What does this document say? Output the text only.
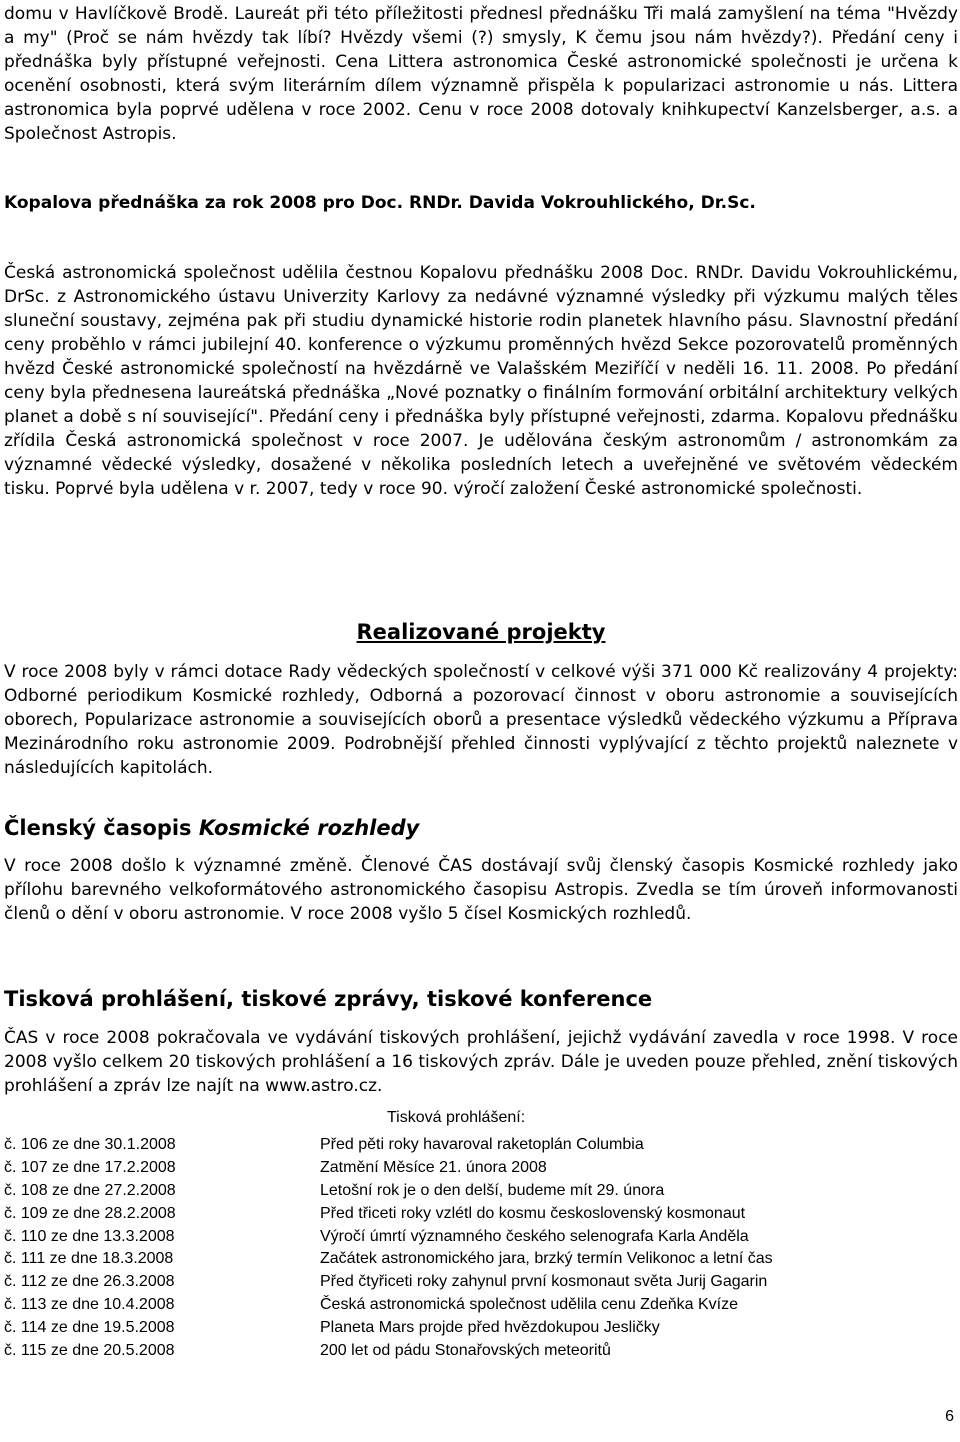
domu v Havlíčkově Brodě. Laureát při této příležitosti přednesl přednášku Tři malá zamyšlení na téma "Hvězdy a my" (Proč se nám hvězdy tak líbí? Hvězdy všemi (?) smysly, K čemu jsou nám hvězdy?). Předání ceny i přednáška byly přístupné veřejnosti. Cena Littera astronomica České astronomické společnosti je určena k ocenění osobnosti, která svým literárním dílem významně přispěla k popularizaci astronomie u nás. Littera astronomica byla poprvé udělena v roce 2002. Cenu v roce 2008 dotovaly knihkupectví Kanzelsberger, a.s. a Společnost Astropis.

Kopalova přednáška za rok 2008 pro Doc. RNDr. Davida Vokrouhlického, Dr.Sc.

Česká astronomická společnost udělila čestnou Kopalovu přednášku 2008 Doc. RNDr. Davidu Vokrouhlickému, DrSc. z Astronomického ústavu Univerzity Karlovy za nedávné významné výsledky při výzkumu malých těles sluneční soustavy, zejména pak při studiu dynamické historie rodin planetek hlavního pásu. Slavnostní předání ceny proběhlo v rámci jubilejní 40. konference o výzkumu proměnných hvězd Sekce pozorovatelů proměnných hvězd České astronomické společností na hvězdárně ve Valašském Meziříčí v neděli 16. 11. 2008. Po předání ceny byla přednesena laureátská přednáška „Nové poznatky o finálním formování orbitální architektury velkých planet a době s ní související". Předání ceny i přednáška byly přístupné veřejnosti, zdarma. Kopalovu přednášku zřídila Česká astronomická společnost v roce 2007. Je udělována českým astronomům / astronomkám za významné vědecké výsledky, dosažené v několika posledních letech a uveřejněné ve světovém vědeckém tisku. Poprvé byla udělena v r. 2007, tedy v roce 90. výročí založení České astronomické společnosti.

Realizované projekty

V roce 2008 byly v rámci dotace Rady vědeckých společností v celkové výši 371 000 Kč realizovány 4 projekty: Odborné periodikum Kosmické rozhledy, Odborná a pozorovací činnost v oboru astronomie a souvisejících oborech, Popularizace astronomie a souvisejících oborů a presentace výsledků vědeckého výzkumu a Příprava Mezinárodního roku astronomie 2009. Podrobnější přehled činnosti vyplývající z těchto projektů naleznete v následujících kapitolách.

Členský časopis Kosmické rozhledy

V roce 2008 došlo k významné změně. Členové ČAS dostávají svůj členský časopis Kosmické rozhledy jako přílohu barevného velkoformátového astronomického časopisu Astropis. Zvedla se tím úroveň informovanosti členů o dění v oboru astronomie. V roce 2008 vyšlo 5 čísel Kosmických rozhledů.

Tisková prohlášení, tiskové zprávy, tiskové konference

ČAS v roce 2008 pokračovala ve vydávání tiskových prohlášení, jejichž vydávání zavedla v roce 1998. V roce 2008 vyšlo celkem 20 tiskových prohlášení a 16 tiskových zpráv. Dále je uveden pouze přehled, znění tiskových prohlášení a zpráv lze najít na www.astro.cz.

Tisková prohlášení:

č. 106 ze dne 30.1.2008	Před pěti roky havaroval raketoplán Columbia
č. 107 ze dne 17.2.2008	Zatmění Měsíce 21. února 2008
č. 108 ze dne 27.2.2008	Letošní rok je o den delší, budeme mít 29. února
č. 109 ze dne 28.2.2008	Před třiceti roky vzlétl do kosmu československý kosmonaut
č. 110 ze dne 13.3.2008	Výročí úmrtí významného českého selenografa Karla Anděla
č. 111 ze dne 18.3.2008	Začátek astronomického jara, brzký termín Velikonoc a letní čas
č. 112 ze dne 26.3.2008	Před čtyřiceti roky zahynul první kosmonaut světa Jurij Gagarin
č. 113 ze dne 10.4.2008	Česká astronomická společnost udělila cenu Zdeňka Kvíze
č. 114 ze dne 19.5.2008	Planeta Mars projde před hvězdokupou Jesličky
č. 115 ze dne 20.5.2008	200 let od pádu Stonařovských meteoritů
6
